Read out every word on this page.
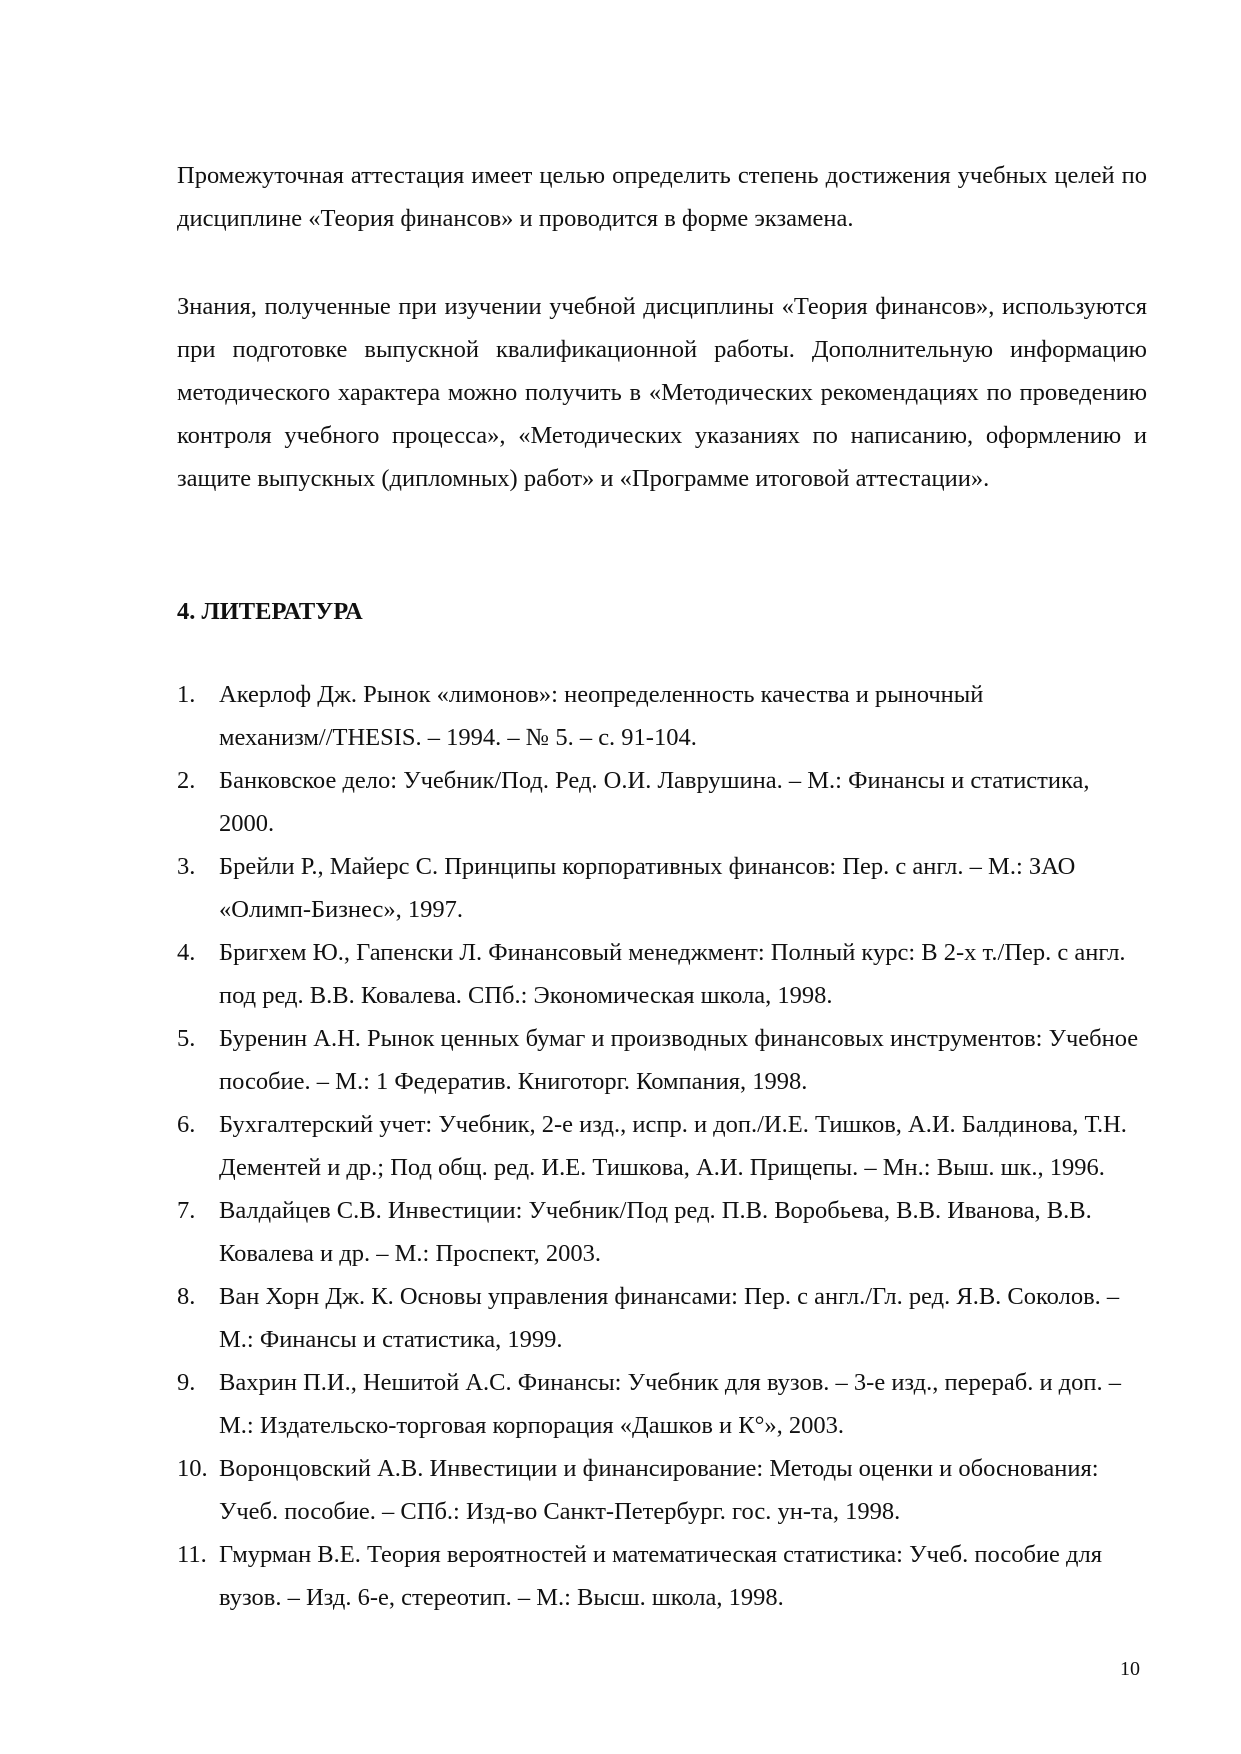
Промежуточная аттестация имеет целью определить степень достижения учебных целей по дисциплине «Теория финансов» и проводится в форме экзамена.

Знания, полученные при изучении учебной дисциплины «Теория финансов», используются при подготовке выпускной квалификационной работы. Дополнительную информацию методического характера можно получить в «Методических рекомендациях по проведению контроля учебного процесса», «Методических указаниях по написанию, оформлению и защите выпускных (дипломных) работ» и «Программе итоговой аттестации».

4. ЛИТЕРАТУРА
1. Акерлоф Дж. Рынок «лимонов»: неопределенность качества и рыночный механизм//THESIS. – 1994. – № 5. – с. 91-104.
2. Банковское дело: Учебник/Под. Ред. О.И. Лаврушина. – М.: Финансы и статистика, 2000.
3. Брейли Р., Майерс С. Принципы корпоративных финансов: Пер. с англ. – М.: ЗАО «Олимп-Бизнес», 1997.
4. Бригхем Ю., Гапенски Л. Финансовый менеджмент: Полный курс: В 2-х т./Пер. с англ. под ред. В.В. Ковалева. СПб.: Экономическая школа, 1998.
5. Буренин А.Н. Рынок ценных бумаг и производных финансовых инструментов: Учебное пособие. – М.: 1 Федератив. Книготорг. Компания, 1998.
6. Бухгалтерский учет: Учебник, 2-е изд., испр. и доп./И.Е. Тишков, А.И. Балдинова, Т.Н. Дементей и др.; Под общ. ред. И.Е. Тишкова, А.И. Прищепы. – Мн.: Выш. шк., 1996.
7. Валдайцев С.В. Инвестиции: Учебник/Под ред. П.В. Воробьева, В.В. Иванова, В.В. Ковалева и др. – М.: Проспект, 2003.
8. Ван Хорн Дж. К. Основы управления финансами: Пер. с англ./Гл. ред. Я.В. Соколов. – М.: Финансы и статистика, 1999.
9. Вахрин П.И., Нешитой А.С. Финансы: Учебник для вузов. – 3-е изд., перераб. и доп. – М.: Издательско-торговая корпорация «Дашков и К°», 2003.
10. Воронцовский А.В. Инвестиции и финансирование: Методы оценки и обоснования: Учеб. пособие. – СПб.: Изд-во Санкт-Петербург. гос. ун-та, 1998.
11. Гмурман В.Е. Теория вероятностей и математическая статистика: Учеб. пособие для вузов. – Изд. 6-е, стереотип. – М.: Высш. школа, 1998.
10
